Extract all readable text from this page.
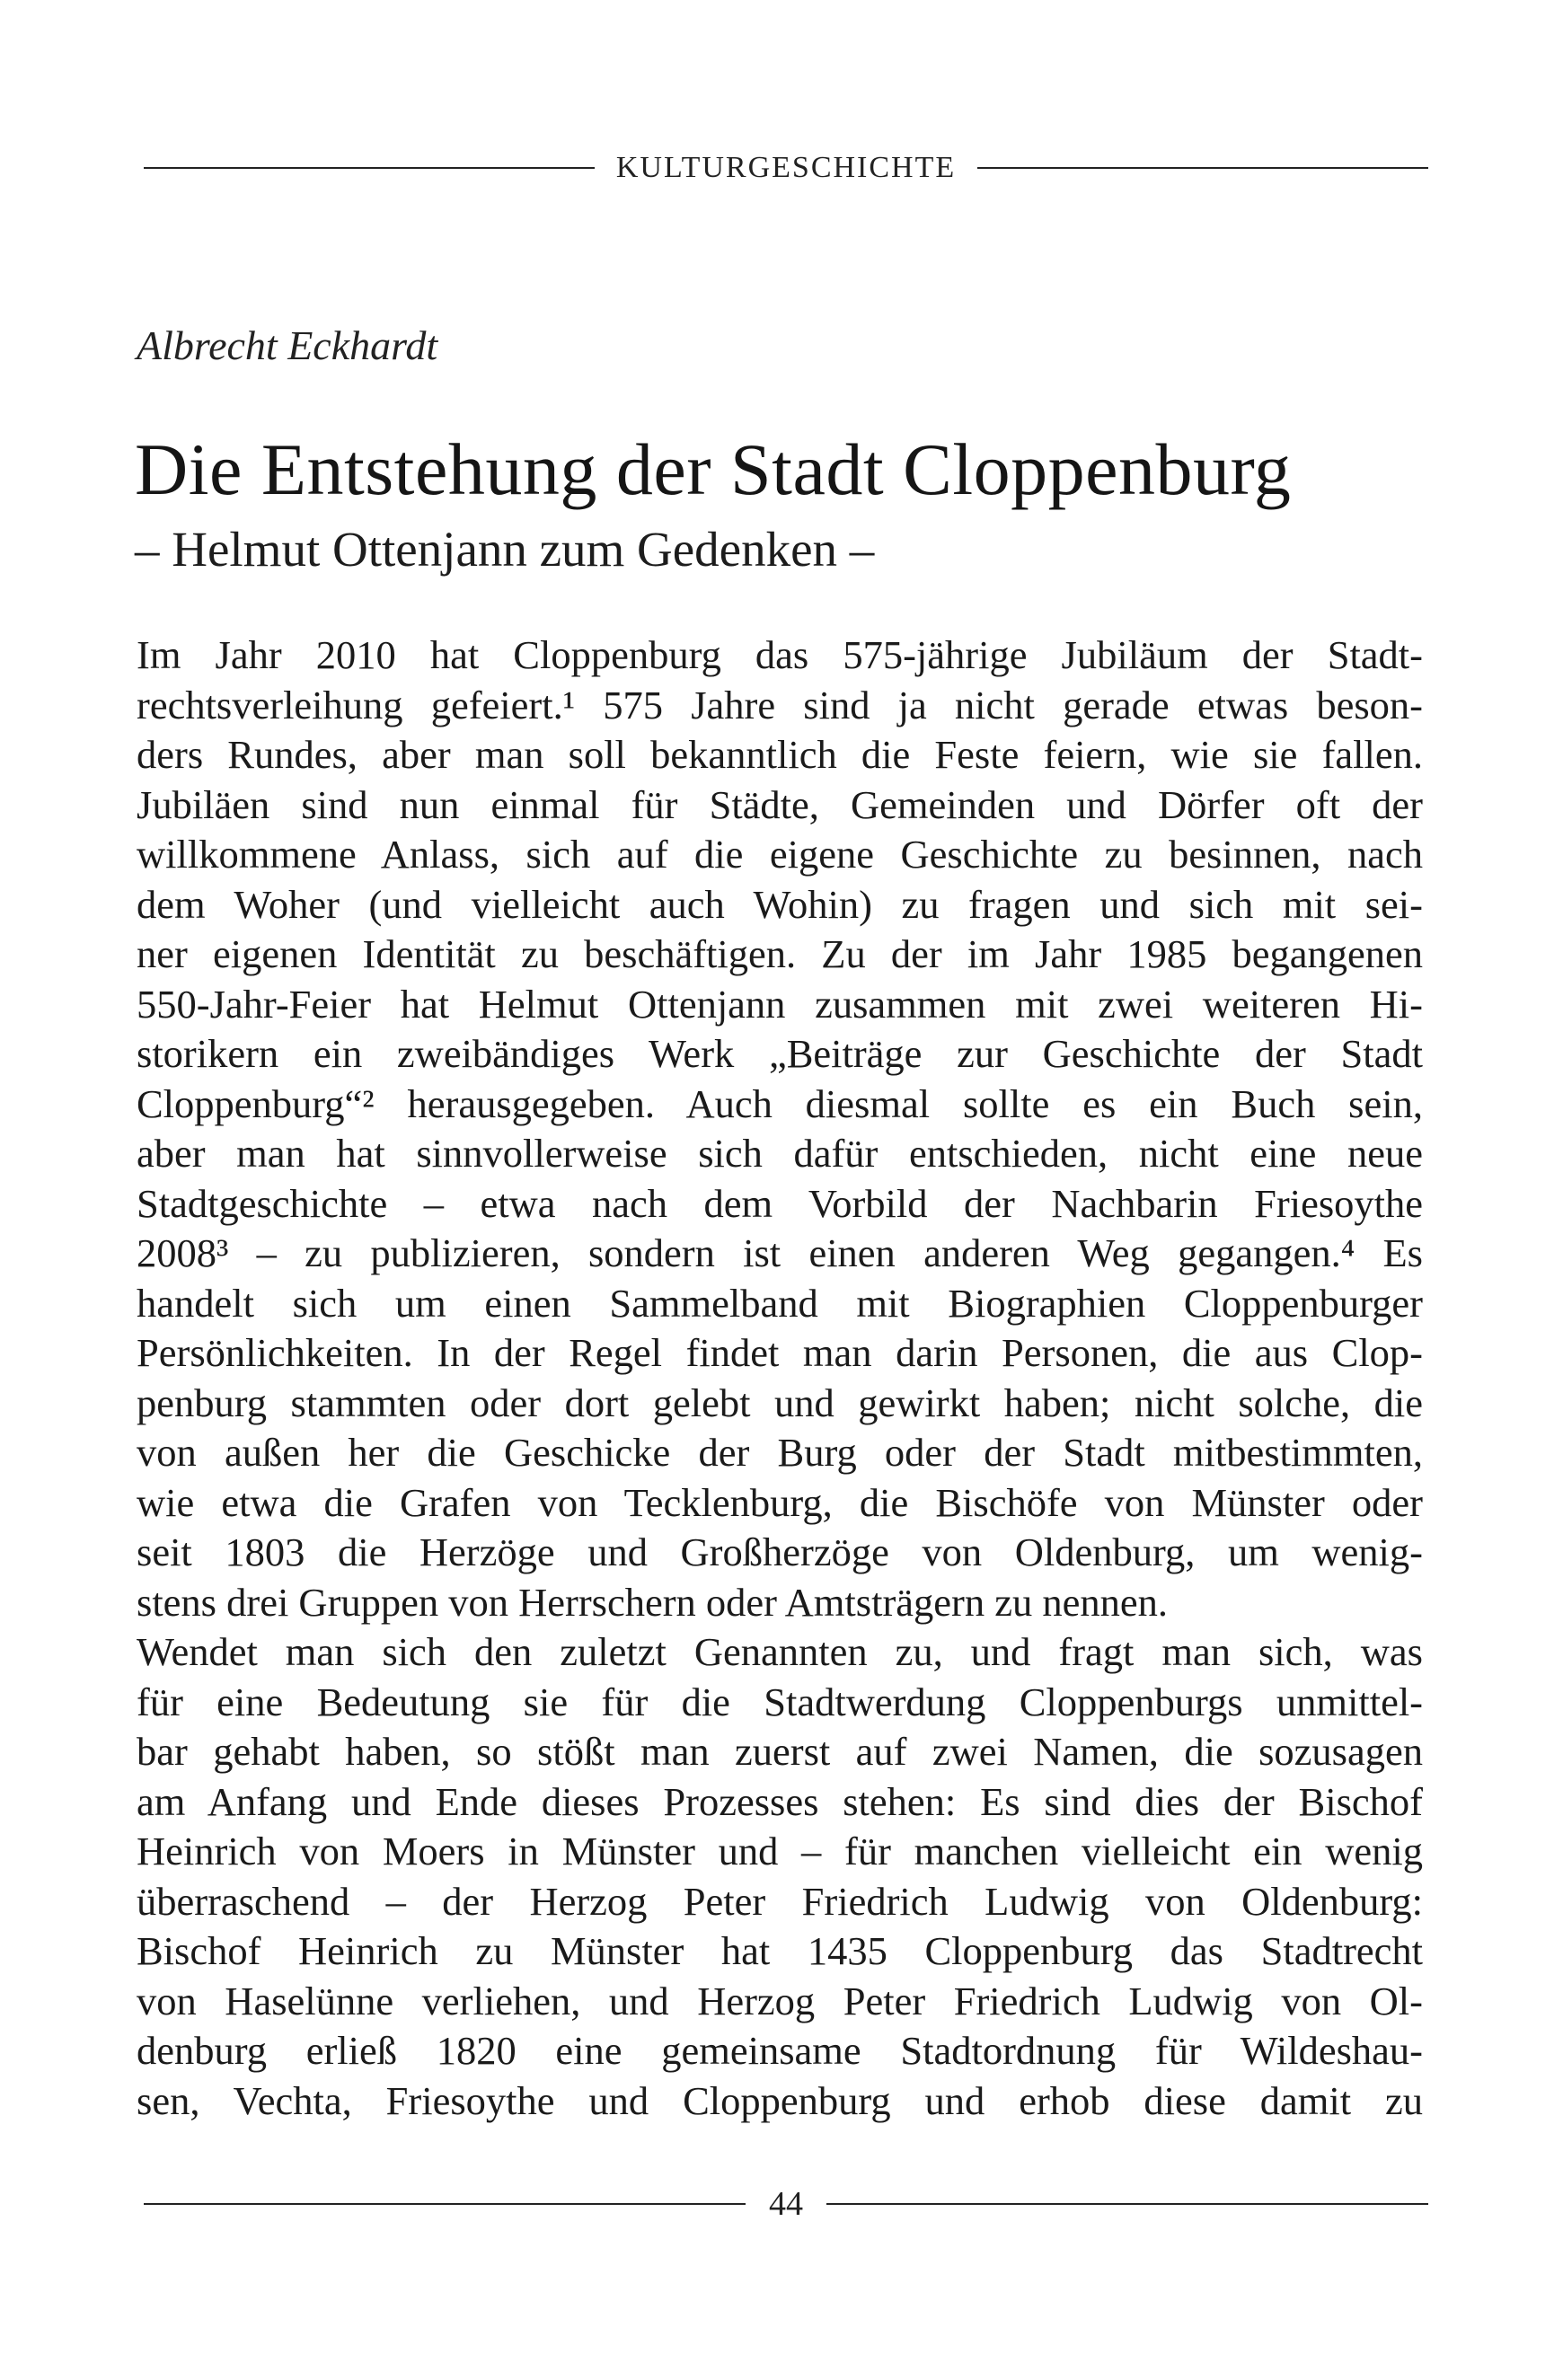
KULTURGESCHICHTE
Albrecht Eckhardt
Die Entstehung der Stadt Cloppenburg
– Helmut Ottenjann zum Gedenken –
Im Jahr 2010 hat Cloppenburg das 575-jährige Jubiläum der Stadt-
rechtsverleihung gefeiert.¹ 575 Jahre sind ja nicht gerade etwas beson-
ders Rundes, aber man soll bekanntlich die Feste feiern, wie sie fallen.
Jubiläen sind nun einmal für Städte, Gemeinden und Dörfer oft der
willkommene Anlass, sich auf die eigene Geschichte zu besinnen, nach
dem Woher (und vielleicht auch Wohin) zu fragen und sich mit sei-
ner eigenen Identität zu beschäftigen. Zu der im Jahr 1985 begangenen
550-Jahr-Feier hat Helmut Ottenjann zusammen mit zwei weiteren Hi-
storikern ein zweibändiges Werk „Beiträge zur Geschichte der Stadt
Cloppenburg“² herausgegeben. Auch diesmal sollte es ein Buch sein,
aber man hat sinnvollerweise sich dafür entschieden, nicht eine neue
Stadtgeschichte – etwa nach dem Vorbild der Nachbarin Friesoythe
2008³ – zu publizieren, sondern ist einen anderen Weg gegangen.⁴ Es
handelt sich um einen Sammelband mit Biographien Cloppenburger
Persönlichkeiten. In der Regel findet man darin Personen, die aus Clop-
penburg stammten oder dort gelebt und gewirkt haben; nicht solche, die
von außen her die Geschicke der Burg oder der Stadt mitbestimmten,
wie etwa die Grafen von Tecklenburg, die Bischöfe von Münster oder
seit 1803 die Herzöge und Großherzöge von Oldenburg, um wenig-
stens drei Gruppen von Herrschern oder Amtsträgern zu nennen.
Wendet man sich den zuletzt Genannten zu, und fragt man sich, was
für eine Bedeutung sie für die Stadtwerdung Cloppenburgs unmittel-
bar gehabt haben, so stößt man zuerst auf zwei Namen, die sozusagen
am Anfang und Ende dieses Prozesses stehen: Es sind dies der Bischof
Heinrich von Moers in Münster und – für manchen vielleicht ein wenig
überraschend – der Herzog Peter Friedrich Ludwig von Oldenburg:
Bischof Heinrich zu Münster hat 1435 Cloppenburg das Stadtrecht
von Haselünne verliehen, und Herzog Peter Friedrich Ludwig von Ol-
denburg erließ 1820 eine gemeinsame Stadtordnung für Wildeshau-
sen, Vechta, Friesoythe und Cloppenburg und erhob diese damit zu
44
